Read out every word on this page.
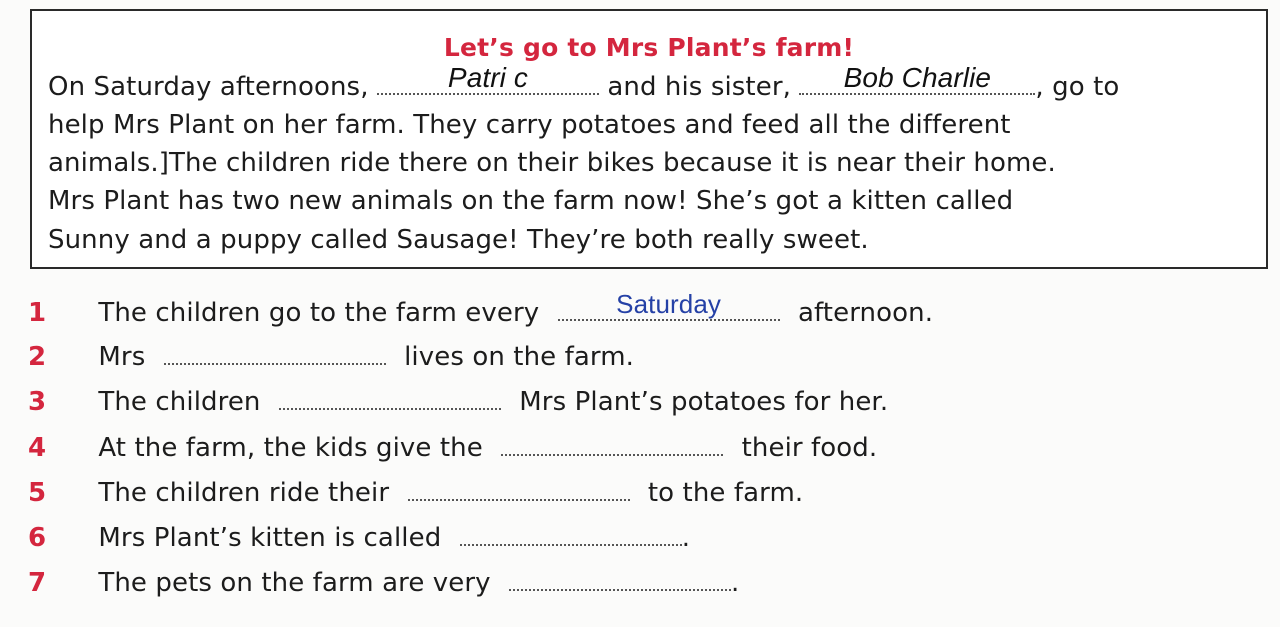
Let’s go to Mrs Plant’s farm!
On Saturday afternoons,	Patri c	and his sister,	Bob Charlie	, go to
help Mrs Plant on her farm. They carry potatoes and feed all the different
animals.]The children ride there on their bikes because it is near their home.
Mrs Plant has two new animals on the farm now! She’s got a kitten called
Sunny and a puppy called Sausage! They’re both really sweet.
1 The children go to the farm every	Saturday	afternoon.
2 Mrs	lives on the farm.
3 The children	Mrs Plant’s potatoes for her.
4 At the farm, the kids give the	their food.
5 The children ride their	to the farm.
6 Mrs Plant’s kitten is called	.
7 The pets on the farm are very	.
